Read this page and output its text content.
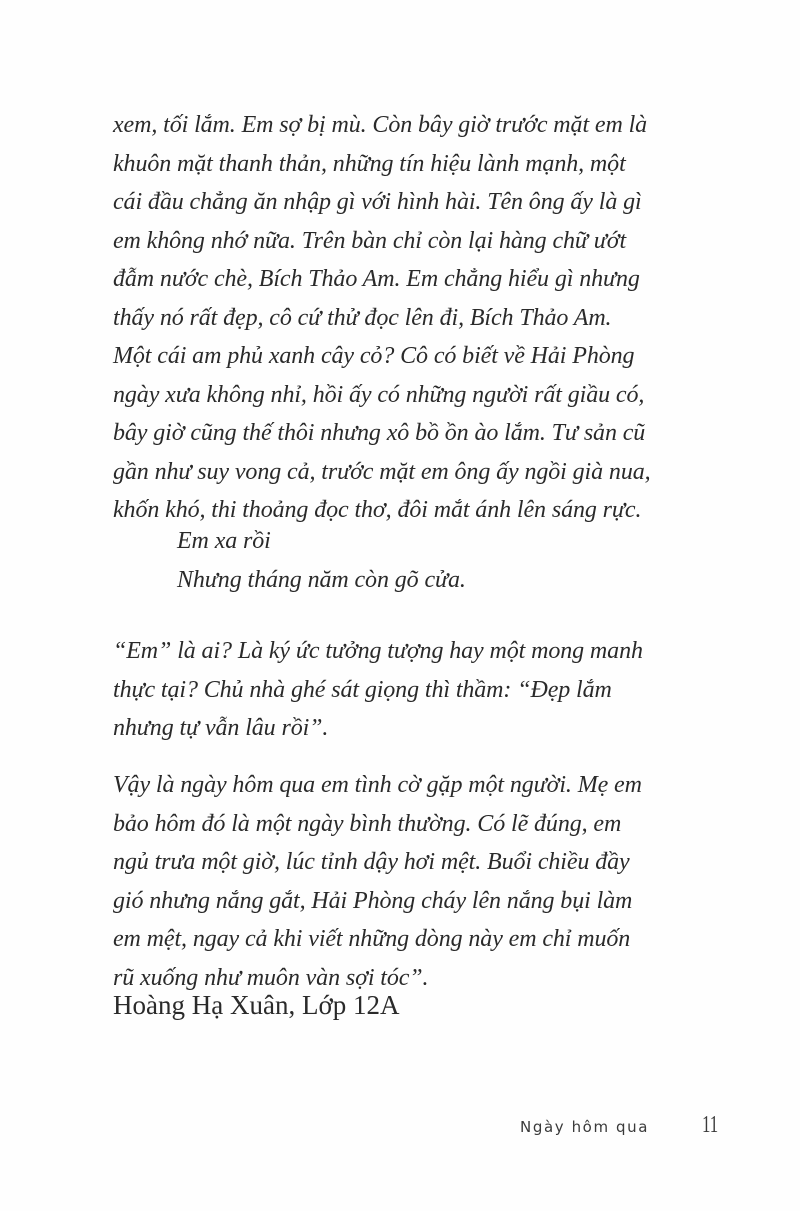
xem, tối lắm. Em sợ bị mù. Còn bây giờ trước mặt em là
khuôn mặt thanh thản, những tín hiệu lành mạnh, một
cái đầu chẳng ăn nhập gì với hình hài. Tên ông ấy là gì
em không nhớ nữa. Trên bàn chỉ còn lại hàng chữ ướt
đẫm nước chè, Bích Thảo Am. Em chẳng hiểu gì nhưng
thấy nó rất đẹp, cô cứ thử đọc lên đi, Bích Thảo Am.
Một cái am phủ xanh cây cỏ? Cô có biết về Hải Phòng
ngày xưa không nhỉ, hồi ấy có những người rất giầu có,
bây giờ cũng thế thôi nhưng xô bồ ồn ào lắm. Tư sản cũ
gần như suy vong cả, trước mặt em ông ấy ngồi già nua,
khốn khó, thi thoảng đọc thơ, đôi mắt ánh lên sáng rực.
Em xa rồi
Nhưng tháng năm còn gõ cửa.
“Em” là ai? Là ký ức tưởng tượng hay một mong manh
thực tại? Chủ nhà ghé sát giọng thì thầm: “Đẹp lắm
nhưng tự vẫn lâu rồi”.
Vậy là ngày hôm qua em tình cờ gặp một người. Mẹ em
bảo hôm đó là một ngày bình thường. Có lẽ đúng, em
ngủ trưa một giờ, lúc tỉnh dậy hơi mệt. Buổi chiều đầy
gió nhưng nắng gắt, Hải Phòng cháy lên nắng bụi làm
em mệt, ngay cả khi viết những dòng này em chỉ muốn
rũ xuống như muôn vàn sợi tóc”.
Hoàng Hạ Xuân, Lớp 12A
Ngày hôm qua 11
